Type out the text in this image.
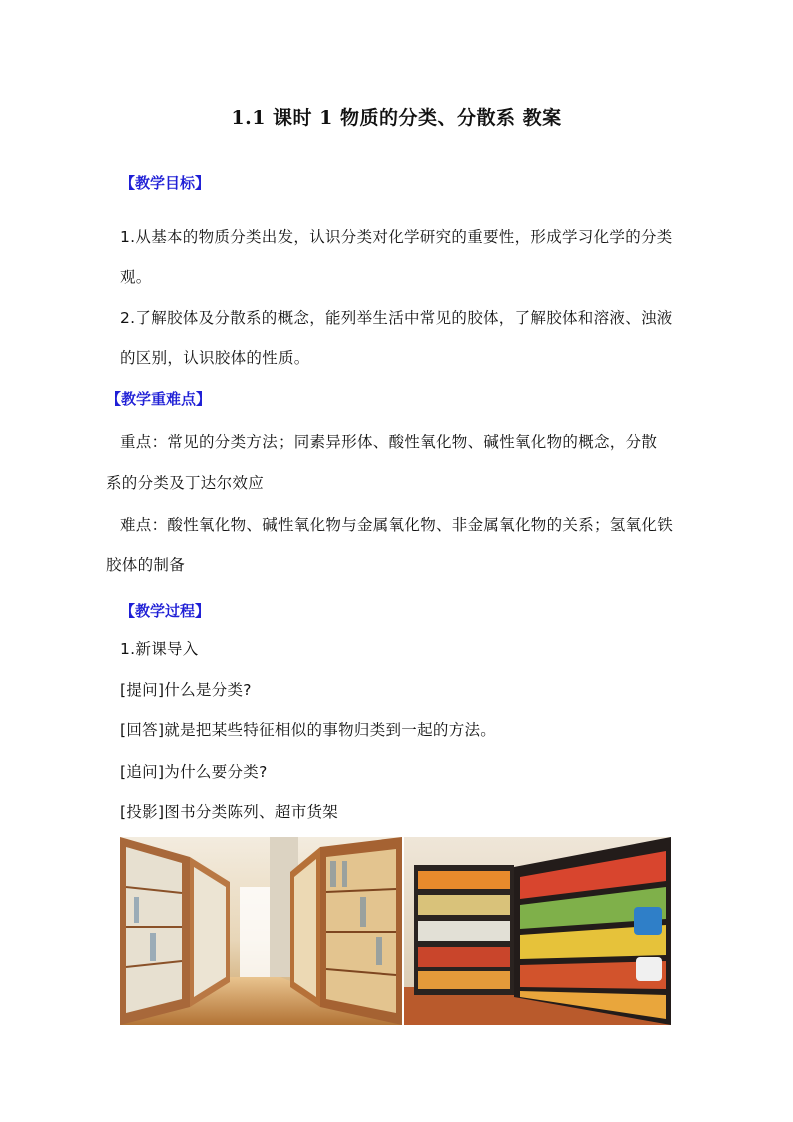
1.1 课时 1 物质的分类、分散系 教案
【教学目标】
1.从基本的物质分类出发，认识分类对化学研究的重要性，形成学习化学的分类
观。
2.了解胶体及分散系的概念，能列举生活中常见的胶体，了解胶体和溶液、浊液
的区别，认识胶体的性质。
【教学重难点】
重点：常见的分类方法；同素异形体、酸性氧化物、碱性氧化物的概念，分散
系的分类及丁达尔效应
难点：酸性氧化物、碱性氧化物与金属氧化物、非金属氧化物的关系；氢氧化铁
胶体的制备
【教学过程】
1.新课导入
[提问]什么是分类?
[回答]就是把某些特征相似的事物归类到一起的方法。
[追问]为什么要分类?
[投影]图书分类陈列、超市货架
